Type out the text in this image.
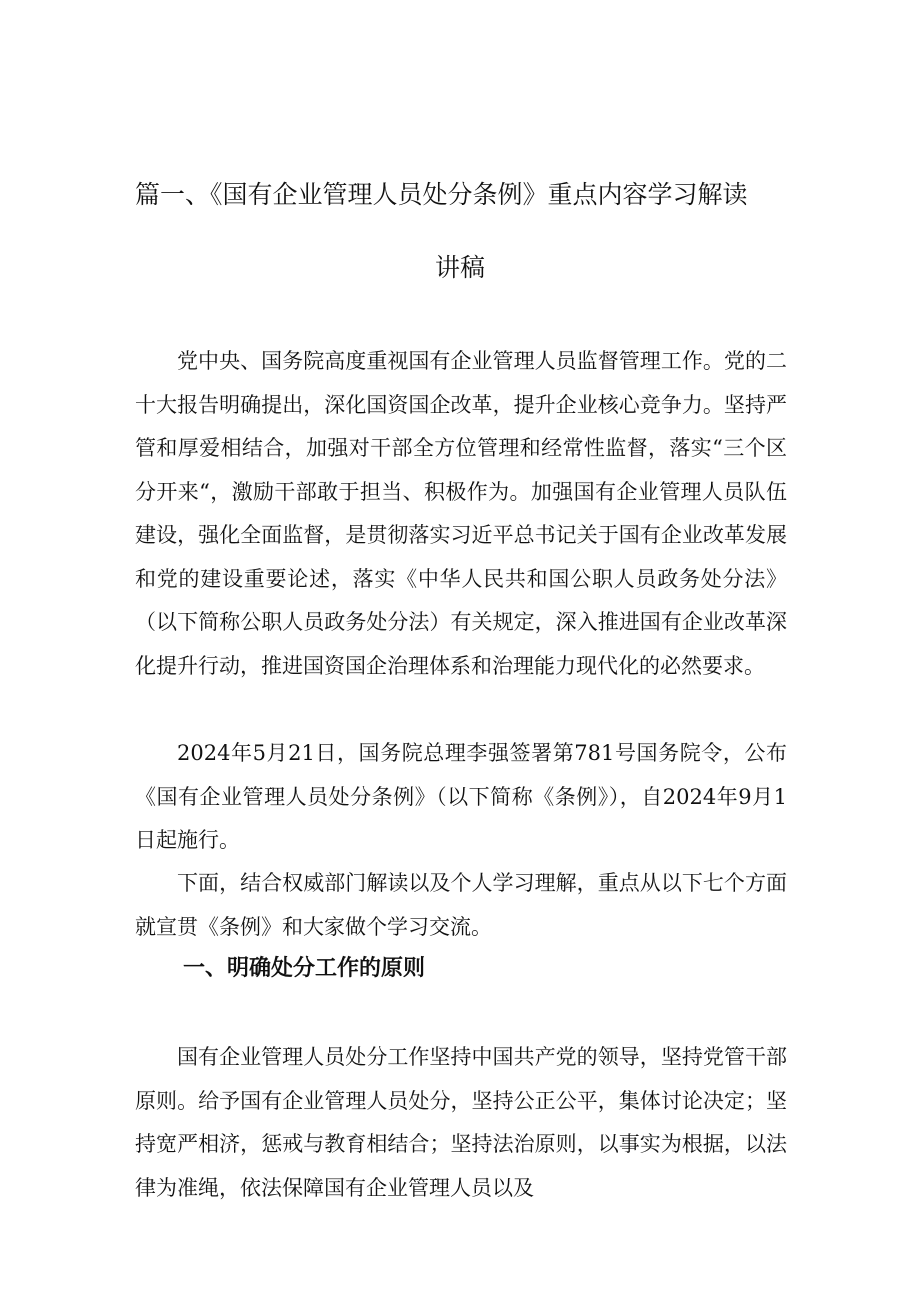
篇一、《国有企业管理人员处分条例》重点内容学习解读
讲稿

党中央、国务院高度重视国有企业管理人员监督管理工作。党的二十大报告明确提出，深化国资国企改革，提升企业核心竞争力。坚持严管和厚爱相结合，加强对干部全方位管理和经常性监督，落实“三个区分开来“，激励干部敢于担当、积极作为。加强国有企业管理人员队伍建设，强化全面监督，是贯彻落实习近平总书记关于国有企业改革发展和党的建设重要论述，落实《中华人民共和国公职人员政务处分法》（以下简称公职人员政务处分法）有关规定，深入推进国有企业改革深化提升行动，推进国资国企治理体系和治理能力现代化的必然要求。

2024年5月21日，国务院总理李强签署第781号国务院令，公布《国有企业管理人员处分条例》（以下简称《条例》），自2024年9月1日起施行。

下面，结合权威部门解读以及个人学习理解，重点从以下七个方面就宣贯《条例》和大家做个学习交流。

一、明确处分工作的原则

国有企业管理人员处分工作坚持中国共产党的领导，坚持党管干部原则。给予国有企业管理人员处分，坚持公正公平，集体讨论决定；坚持宽严相济，惩戒与教育相结合；坚持法治原则，以事实为根据，以法律为准绳，依法保障国有企业管理人员以及
